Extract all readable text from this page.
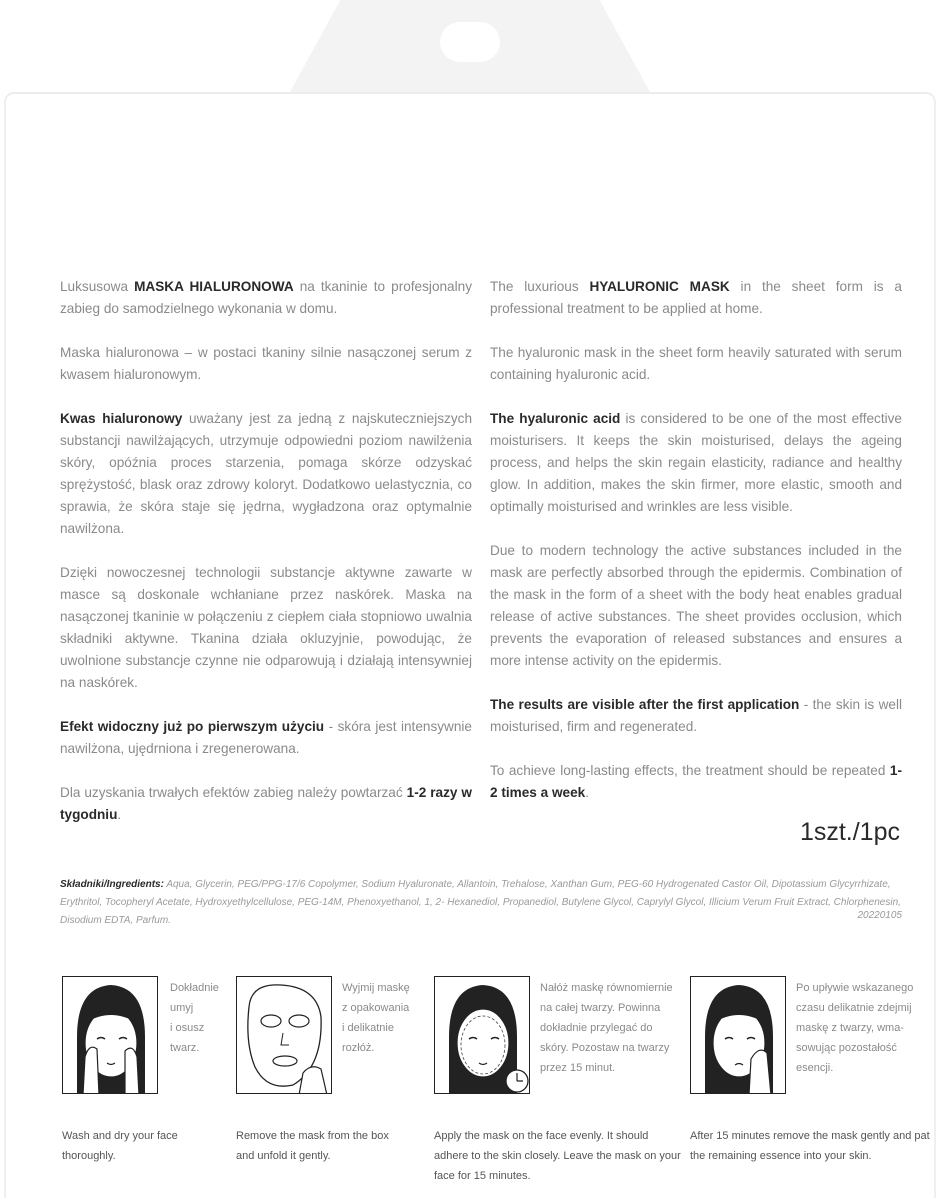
Luksusowa MASKA HIALURONOWA na tkaninie to profesjonalny zabieg do samodzielnego wykonania w domu.

Maska hialuronowa – w postaci tkaniny silnie nasączonej serum z kwasem hialuronowym.

Kwas hialuronowy uważany jest za jedną z najskuteczniejszych substancji nawilżających, utrzymuje odpowiedni poziom nawilżenia skóry, opóźnia proces starzenia, pomaga skórze odzyskać sprężystość, blask oraz zdrowy koloryt. Dodatkowo uelastycznia, co sprawia, że skóra staje się jędrna, wygładzona oraz optymalnie nawilżona.

Dzięki nowoczesnej technologii substancje aktywne zawarte w masce są doskonale wchłaniane przez naskórek. Maska na nasączonej tkaninie w połączeniu z ciepłem ciała stopniowo uwalnia składniki aktywne. Tkanina działa okluzyjnie, powodując, że uwolnione substancje czynne nie odparowują i działają intensywniej na naskórek.

Efekt widoczny już po pierwszym użyciu - skóra jest intensywnie nawilżona, ujędrniona i zregenerowana.

Dla uzyskania trwałych efektów zabieg należy powtarzać 1-2 razy w tygodniu.

The luxurious HYALURONIC MASK in the sheet form is a professional treatment to be applied at home.

The hyaluronic mask in the sheet form heavily saturated with serum containing hyaluronic acid.

The hyaluronic acid is considered to be one of the most effective moisturisers. It keeps the skin moisturised, delays the ageing process, and helps the skin regain elasticity, radiance and healthy glow. In addition, makes the skin firmer, more elastic, smooth and optimally moisturised and wrinkles are less visible.

Due to modern technology the active substances included in the mask are perfectly absorbed through the epidermis. Combination of the mask in the form of a sheet with the body heat enables gradual release of active substances. The sheet provides occlusion, which prevents the evaporation of released substances and ensures a more intense activity on the epidermis.

The results are visible after the first application - the skin is well moisturised, firm and regenerated.

To achieve long-lasting effects, the treatment should be repeated 1-2 times a week.

1szt./1pc
Składniki/Ingredients: Aqua, Glycerin, PEG/PPG-17/6 Copolymer, Sodium Hyaluronate, Allantoin, Trehalose, Xanthan Gum, PEG-60 Hydrogenated Castor Oil, Dipotassium Glycyrrhizate, Erythritol, Tocopheryl Acetate, Hydroxyethylcellulose, PEG-14M, Phenoxyethanol, 1, 2- Hexanediol, Propanediol, Butylene Glycol, Caprylyl Glycol, Illicium Verum Fruit Extract, Chlorphenesin, Disodium EDTA, Parfum.	20220105
Dokładnie
umyj
i osusz
twarz.
Wash and dry your face
thoroughly.
Wyjmij maskę
z opakowania
i delikatnie
rozłóż.
Remove the mask from the box
and unfold it gently.
Nałóż maskę równomiernie
na całej twarzy. Powinna
dokładnie przylegać do
skóry. Pozostaw na twarzy
przez 15 minut.
Apply the mask on the face evenly. It should
adhere to the skin closely. Leave the mask on your
face for 15 minutes.
Po upływie wskazanego
czasu delikatnie zdejmij
maskę z twarzy, wma-
sowując pozostałość
esencji.
After 15 minutes remove the mask gently and pat
the remaining essence into your skin.
